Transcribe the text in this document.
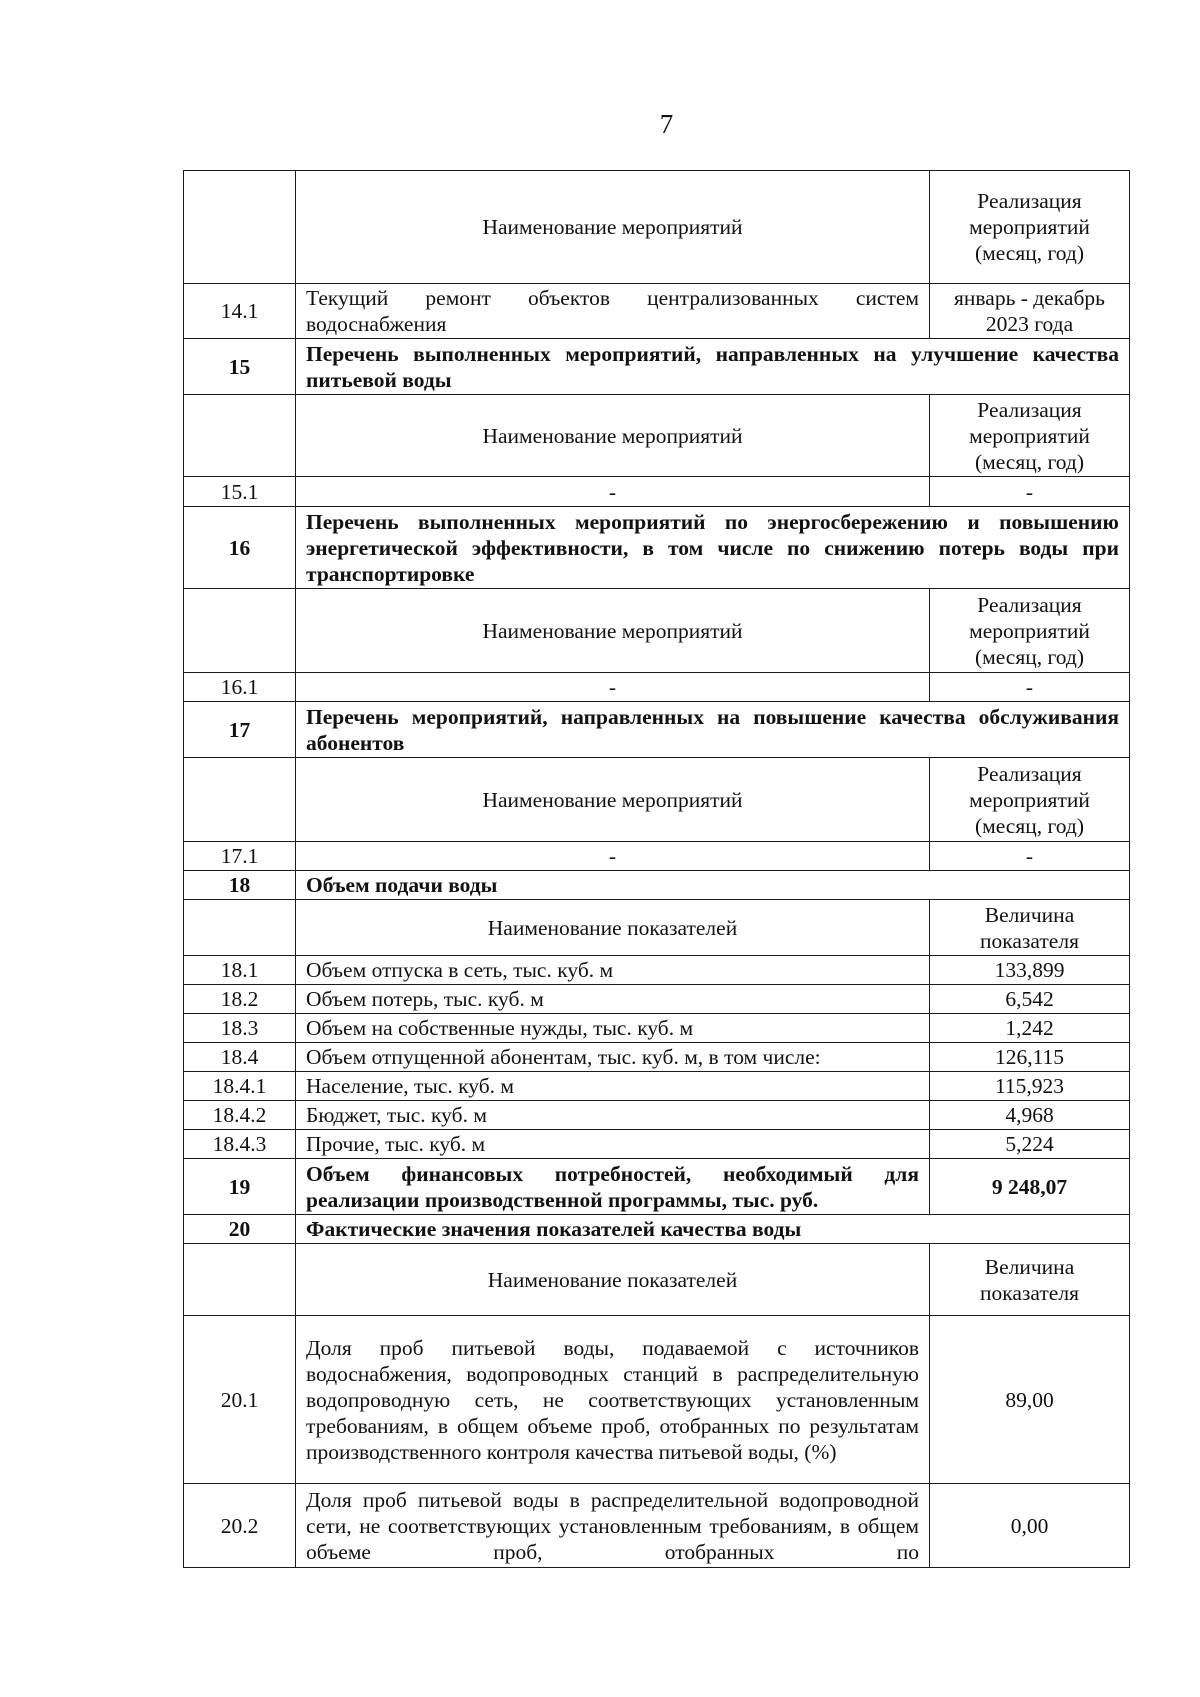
7
	Наименование мероприятий	Реализация мероприятий (месяц, год)
14.1	Текущий ремонт объектов централизованных систем водоснабжения	январь - декабрь 2023 года
15	Перечень выполненных мероприятий, направленных на улучшение качества питьевой воды	
	Наименование мероприятий	Реализация мероприятий (месяц, год)
15.1	-	-
16	Перечень выполненных мероприятий по энергосбережению и повышению энергетической эффективности, в том числе по снижению потерь воды при транспортировке	
	Наименование мероприятий	Реализация мероприятий (месяц, год)
16.1	-	-
17	Перечень мероприятий, направленных на повышение качества обслуживания абонентов	
	Наименование мероприятий	Реализация мероприятий (месяц, год)
17.1	-	-
18	Объем подачи воды	
	Наименование показателей	Величина показателя
18.1	Объем отпуска в сеть, тыс. куб. м	133,899
18.2	Объем потерь, тыс. куб. м	6,542
18.3	Объем на собственные нужды, тыс. куб. м	1,242
18.4	Объем отпущенной абонентам, тыс. куб. м, в том числе:	126,115
18.4.1	Население, тыс. куб. м	115,923
18.4.2	Бюджет, тыс. куб. м	4,968
18.4.3	Прочие, тыс. куб. м	5,224
19	Объем финансовых потребностей, необходимый для реализации производственной программы, тыс. руб.	9 248,07
20	Фактические значения показателей качества воды	
	Наименование показателей	Величина показателя
20.1	Доля проб питьевой воды, подаваемой с источников водоснабжения, водопроводных станций в распределительную водопроводную сеть, не соответствующих установленным требованиям, в общем объеме проб, отобранных по результатам производственного контроля качества питьевой воды, (%)	89,00
20.2	Доля проб питьевой воды в распределительной водопроводной сети, не соответствующих установленным требованиям, в общем объеме проб, отобранных по	0,00
